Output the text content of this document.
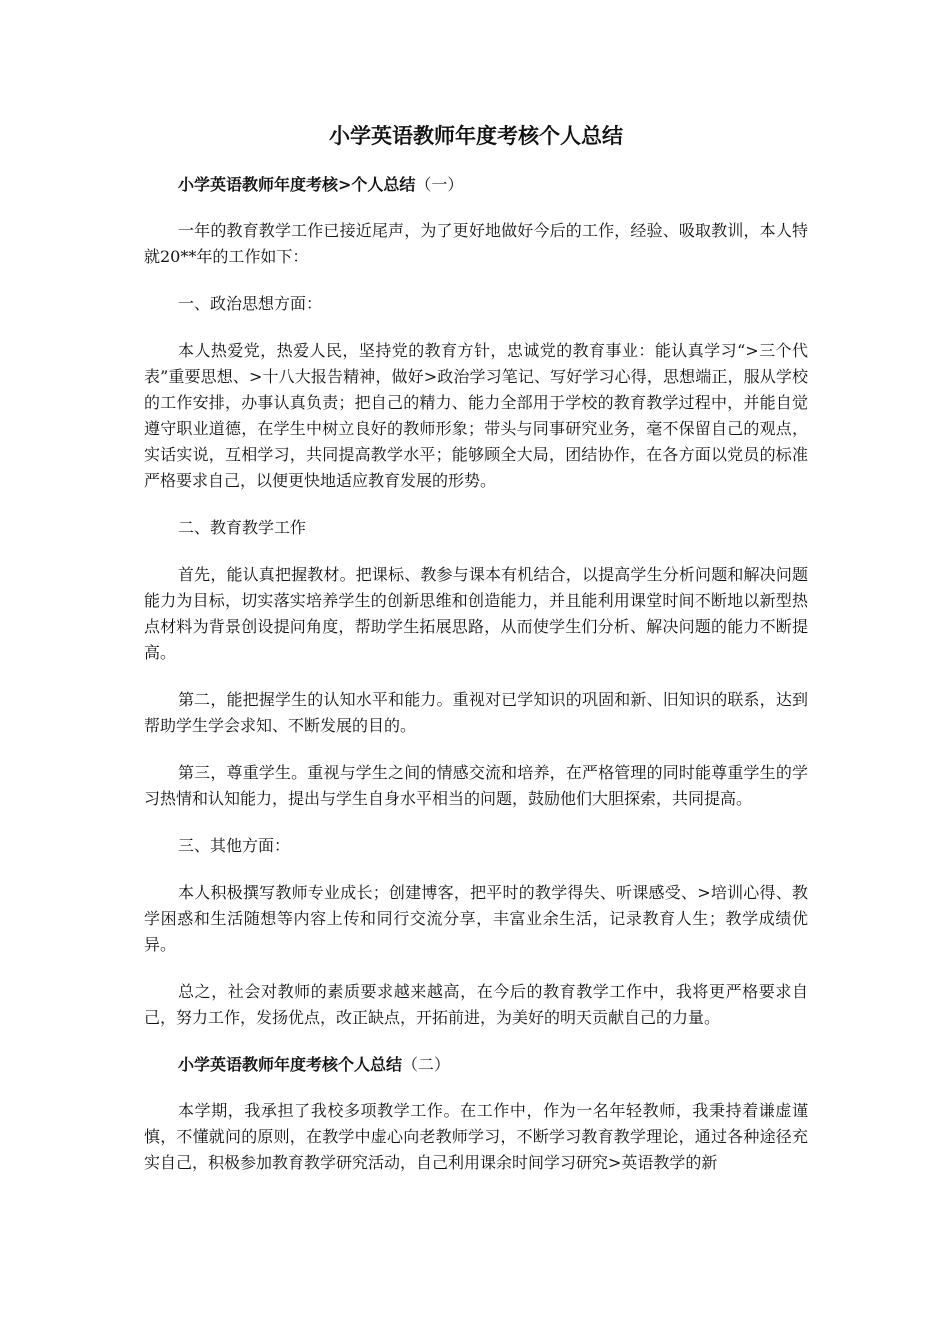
小学英语教师年度考核个人总结
小学英语教师年度考核>个人总结（一）

一年的教育教学工作已接近尾声，为了更好地做好今后的工作，经验、吸取教训，本人特就20**年的工作如下：

一、政治思想方面：

本人热爱党，热爱人民，坚持党的教育方针，忠诚党的教育事业：能认真学习“>三个代表”重要思想、>十八大报告精神，做好>政治学习笔记、写好学习心得，思想端正，服从学校的工作安排，办事认真负责；把自己的精力、能力全部用于学校的教育教学过程中，并能自觉遵守职业道德，在学生中树立良好的教师形象；带头与同事研究业务，毫不保留自己的观点，实话实说，互相学习，共同提高教学水平；能够顾全大局，团结协作，在各方面以党员的标准严格要求自己，以便更快地适应教育发展的形势。

二、教育教学工作

首先，能认真把握教材。把课标、教参与课本有机结合，以提高学生分析问题和解决问题能力为目标，切实落实培养学生的创新思维和创造能力，并且能利用课堂时间不断地以新型热点材料为背景创设提问角度，帮助学生拓展思路，从而使学生们分析、解决问题的能力不断提高。

第二，能把握学生的认知水平和能力。重视对已学知识的巩固和新、旧知识的联系，达到帮助学生学会求知、不断发展的目的。

第三，尊重学生。重视与学生之间的情感交流和培养，在严格管理的同时能尊重学生的学习热情和认知能力，提出与学生自身水平相当的问题，鼓励他们大胆探索，共同提高。

三、其他方面：

本人积极撰写教师专业成长；创建博客，把平时的教学得失、听课感受、>培训心得、教学困惑和生活随想等内容上传和同行交流分享，丰富业余生活，记录教育人生；教学成绩优异。

总之，社会对教师的素质要求越来越高，在今后的教育教学工作中，我将更严格要求自己，努力工作，发扬优点，改正缺点，开拓前进，为美好的明天贡献自己的力量。

小学英语教师年度考核个人总结（二）

本学期，我承担了我校多项教学工作。在工作中，作为一名年轻教师，我秉持着谦虚谨慎，不懂就问的原则，在教学中虚心向老教师学习，不断学习教育教学理论，通过各种途径充实自己，积极参加教育教学研究活动，自己利用课余时间学习研究>英语教学的新
